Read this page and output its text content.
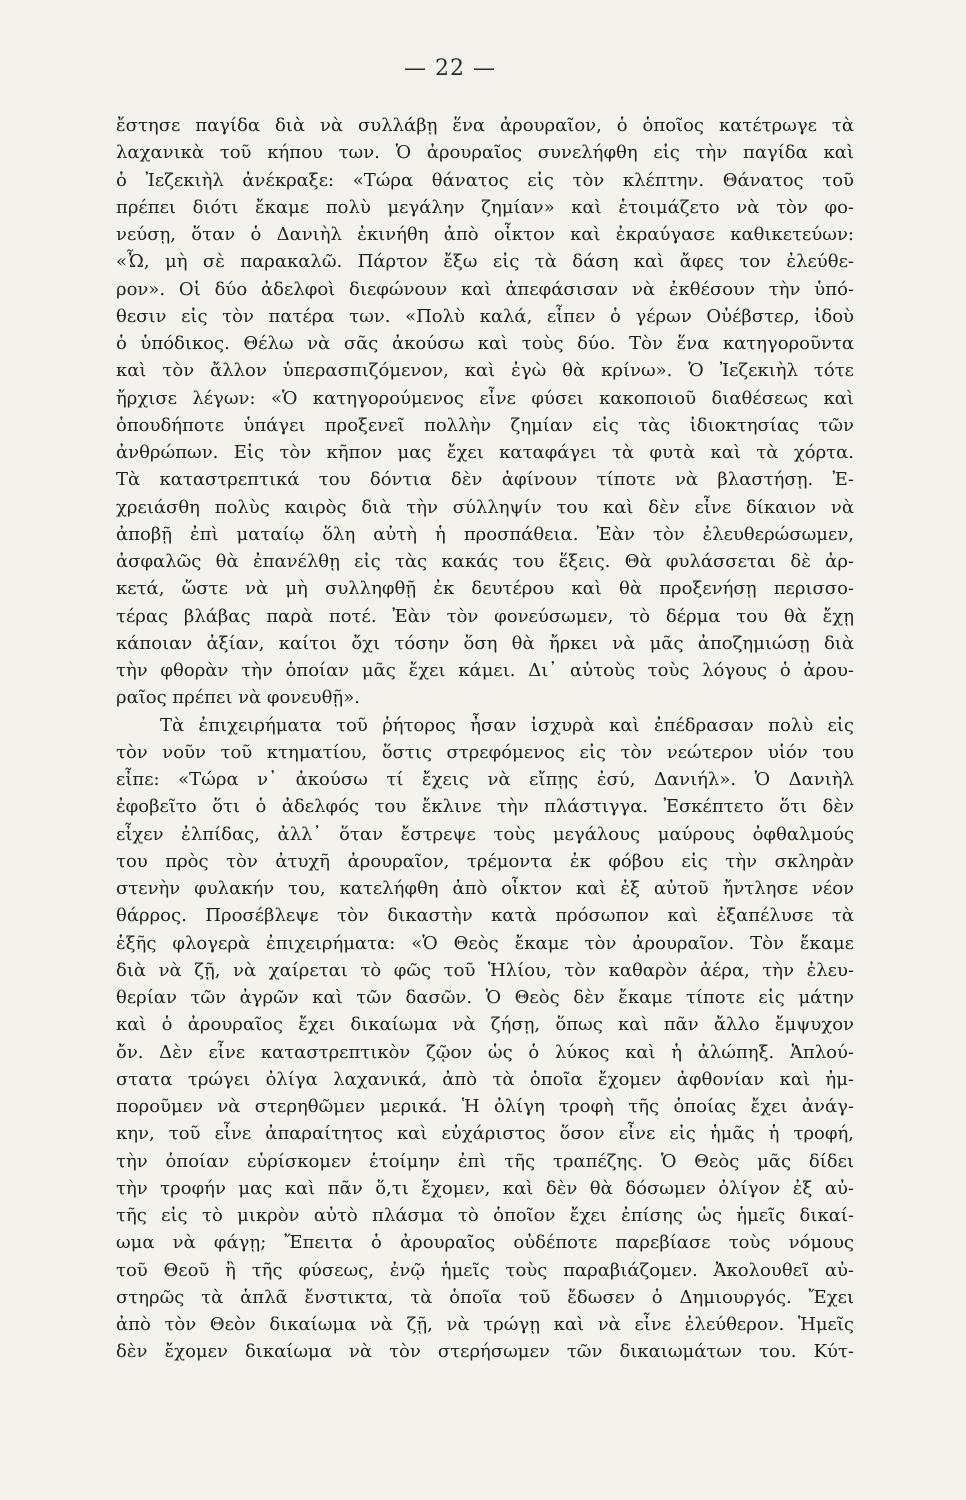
— 22 —
ἔστησε παγίδα διὰ νὰ συλλάβῃ ἕνα ἀρουραῖον, ὁ ὁποῖος κατέτρωγε τὰ
λαχανικὰ τοῦ κήπου των. Ὁ ἀρουραῖος συνελήφθη εἰς τὴν παγίδα καὶ
ὁ Ἰεζεκιὴλ ἀνέκραξε: «Τώρα θάνατος εἰς τὸν κλέπτην. Θάνατος τοῦ
πρέπει διότι ἔκαμε πολὺ μεγάλην ζημίαν» καὶ ἑτοιμάζετο νὰ τὸν φο-
νεύσῃ, ὅταν ὁ Δανιὴλ ἐκινήθη ἀπὸ οἶκτον καὶ ἐκραύγασε καθικετεύων:
«Ὦ, μὴ σὲ παρακαλῶ. Πάρτον ἔξω εἰς τὰ δάση καὶ ἄφες τον ἐλεύθε-
ρον». Οἱ δύο ἀδελφοὶ διεφώνουν καὶ ἀπεφάσισαν νὰ ἐκθέσουν τὴν ὑπό-
θεσιν εἰς τὸν πατέρα των. «Πολὺ καλά, εἶπεν ὁ γέρων Οὐέβστερ, ἰδοὺ
ὁ ὑπόδικος. Θέλω νὰ σᾶς ἀκούσω καὶ τοὺς δύο. Τὸν ἕνα κατηγοροῦντα
καὶ τὸν ἄλλον ὑπερασπιζόμενον, καὶ ἐγὼ θὰ κρίνω». Ὁ Ἰεζεκιὴλ τότε
ἤρχισε λέγων: «Ὁ κατηγορούμενος εἶνε φύσει κακοποιοῦ διαθέσεως καὶ
ὁπουδήποτε ὑπάγει προξενεῖ πολλὴν ζημίαν εἰς τὰς ἰδιοκτησίας τῶν
ἀνθρώπων. Εἰς τὸν κῆπον μας ἔχει καταφάγει τὰ φυτὰ καὶ τὰ χόρτα.
Τὰ καταστρεπτικά του δόντια δὲν ἀφίνουν τίποτε νὰ βλαστήσῃ. Ἐ-
χρειάσθη πολὺς καιρὸς διὰ τὴν σύλληψίν του καὶ δὲν εἶνε δίκαιον νὰ
ἀποβῇ ἐπὶ ματαίῳ ὅλη αὐτὴ ἡ προσπάθεια. Ἐὰν τὸν ἐλευθερώσωμεν,
ἀσφαλῶς θὰ ἐπανέλθῃ εἰς τὰς κακάς του ἕξεις. Θὰ φυλάσσεται δὲ ἀρ-
κετά, ὥστε νὰ μὴ συλληφθῇ ἐκ δευτέρου καὶ θὰ προξενήσῃ περισσο-
τέρας βλάβας παρὰ ποτέ. Ἐὰν τὸν φονεύσωμεν, τὸ δέρμα του θὰ ἔχῃ
κάποιαν ἀξίαν, καίτοι ὄχι τόσην ὅση θὰ ἤρκει νὰ μᾶς ἀποζημιώσῃ διὰ
τὴν φθορὰν τὴν ὁποίαν μᾶς ἔχει κάμει. Δι᾽ αὐτοὺς τοὺς λόγους ὁ ἀρου-
ραῖος πρέπει νὰ φονευθῇ».
Τὰ ἐπιχειρήματα τοῦ ῥήτορος ἦσαν ἰσχυρὰ καὶ ἐπέδρασαν πολὺ εἰς
τὸν νοῦν τοῦ κτηματίου, ὅστις στρεφόμενος εἰς τὸν νεώτερον υἱόν του
εἶπε: «Τώρα ν᾽ ἀκούσω τί ἔχεις νὰ εἴπῃς ἐσύ, Δανιήλ». Ὁ Δανιὴλ
ἐφοβεῖτο ὅτι ὁ ἀδελφός του ἔκλινε τὴν πλάστιγγα. Ἐσκέπτετο ὅτι δὲν
εἶχεν ἐλπίδας, ἀλλ᾽ ὅταν ἔστρεψε τοὺς μεγάλους μαύρους ὀφθαλμούς
του πρὸς τὸν ἀτυχῆ ἀρουραῖον, τρέμοντα ἐκ φόβου εἰς τὴν σκληρὰν
στενὴν φυλακήν του, κατελήφθη ἀπὸ οἶκτον καὶ ἐξ αὐτοῦ ἤντλησε νέον
θάρρος. Προσέβλεψε τὸν δικαστὴν κατὰ πρόσωπον καὶ ἐξαπέλυσε τὰ
ἑξῆς φλογερὰ ἐπιχειρήματα: «Ὁ Θεὸς ἔκαμε τὸν ἀρουραῖον. Τὸν ἔκαμε
διὰ νὰ ζῇ, νὰ χαίρεται τὸ φῶς τοῦ Ἡλίου, τὸν καθαρὸν ἀέρα, τὴν ἐλευ-
θερίαν τῶν ἀγρῶν καὶ τῶν δασῶν. Ὁ Θεὸς δὲν ἔκαμε τίποτε εἰς μάτην
καὶ ὁ ἀρουραῖος ἔχει δικαίωμα νὰ ζήσῃ, ὅπως καὶ πᾶν ἄλλο ἔμψυχον
ὄν. Δὲν εἶνε καταστρεπτικὸν ζῷον ὡς ὁ λύκος καὶ ἡ ἀλώπηξ. Ἁπλού-
στατα τρώγει ὀλίγα λαχανικά, ἀπὸ τὰ ὁποῖα ἔχομεν ἀφθονίαν καὶ ἠμ-
ποροῦμεν νὰ στερηθῶμεν μερικά. Ἡ ὀλίγη τροφὴ τῆς ὁποίας ἔχει ἀνάγ-
κην, τοῦ εἶνε ἀπαραίτητος καὶ εὐχάριστος ὅσον εἶνε εἰς ἡμᾶς ἡ τροφή,
τὴν ὁποίαν εὑρίσκομεν ἑτοίμην ἐπὶ τῆς τραπέζης. Ὁ Θεὸς μᾶς δίδει
τὴν τροφήν μας καὶ πᾶν ὅ,τι ἔχομεν, καὶ δὲν θὰ δόσωμεν ὀλίγον ἐξ αὐ-
τῆς εἰς τὸ μικρὸν αὐτὸ πλάσμα τὸ ὁποῖον ἔχει ἐπίσης ὡς ἡμεῖς δικαί-
ωμα νὰ φάγῃ; Ἔπειτα ὁ ἀρουραῖος οὐδέποτε παρεβίασε τοὺς νόμους
τοῦ Θεοῦ ἢ τῆς φύσεως, ἐνῷ ἡμεῖς τοὺς παραβιάζομεν. Ἀκολουθεῖ αὐ-
στηρῶς τὰ ἁπλᾶ ἔνστικτα, τὰ ὁποῖα τοῦ ἔδωσεν ὁ Δημιουργός. Ἔχει
ἀπὸ τὸν Θεὸν δικαίωμα νὰ ζῇ, νὰ τρώγῃ καὶ νὰ εἶνε ἐλεύθερον. Ἡμεῖς
δὲν ἔχομεν δικαίωμα νὰ τὸν στερήσωμεν τῶν δικαιωμάτων του. Κύτ-
